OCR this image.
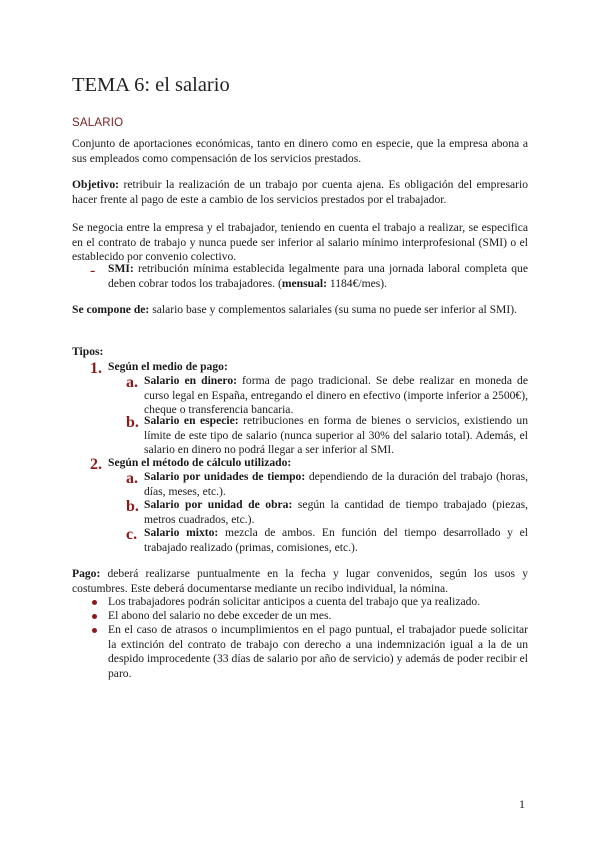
TEMA 6: el salario
SALARIO
Conjunto de aportaciones económicas, tanto en dinero como en especie, que la empresa abona a sus empleados como compensación de los servicios prestados.
Objetivo: retribuir la realización de un trabajo por cuenta ajena. Es obligación del empresario hacer frente al pago de este a cambio de los servicios prestados por el trabajador.
Se negocia entre la empresa y el trabajador, teniendo en cuenta el trabajo a realizar, se especifica en el contrato de trabajo y nunca puede ser inferior al salario mínimo interprofesional (SMI) o el establecido por convenio colectivo.
- SMI: retribución mínima establecida legalmente para una jornada laboral completa que deben cobrar todos los trabajadores. (mensual: 1184€/mes).
Se compone de: salario base y complementos salariales (su suma no puede ser inferior al SMI).
Tipos:
1. Según el medio de pago:
a. Salario en dinero: forma de pago tradicional. Se debe realizar en moneda de curso legal en España, entregando el dinero en efectivo (importe inferior a 2500€), cheque o transferencia bancaria.
b. Salario en especie: retribuciones en forma de bienes o servicios, existiendo un límite de este tipo de salario (nunca superior al 30% del salario total). Además, el salario en dinero no podrá llegar a ser inferior al SMI.
2. Según el método de cálculo utilizado:
a. Salario por unidades de tiempo: dependiendo de la duración del trabajo (horas, días, meses, etc.).
b. Salario por unidad de obra: según la cantidad de tiempo trabajado (piezas, metros cuadrados, etc.).
c. Salario mixto: mezcla de ambos. En función del tiempo desarrollado y el trabajado realizado (primas, comisiones, etc.).
Pago: deberá realizarse puntualmente en la fecha y lugar convenidos, según los usos y costumbres. Este deberá documentarse mediante un recibo individual, la nómina.
Los trabajadores podrán solicitar anticipos a cuenta del trabajo que ya realizado.
El abono del salario no debe exceder de un mes.
En el caso de atrasos o incumplimientos en el pago puntual, el trabajador puede solicitar la extinción del contrato de trabajo con derecho a una indemnización igual a la de un despido improcedente (33 días de salario por año de servicio) y además de poder recibir el paro.
1
